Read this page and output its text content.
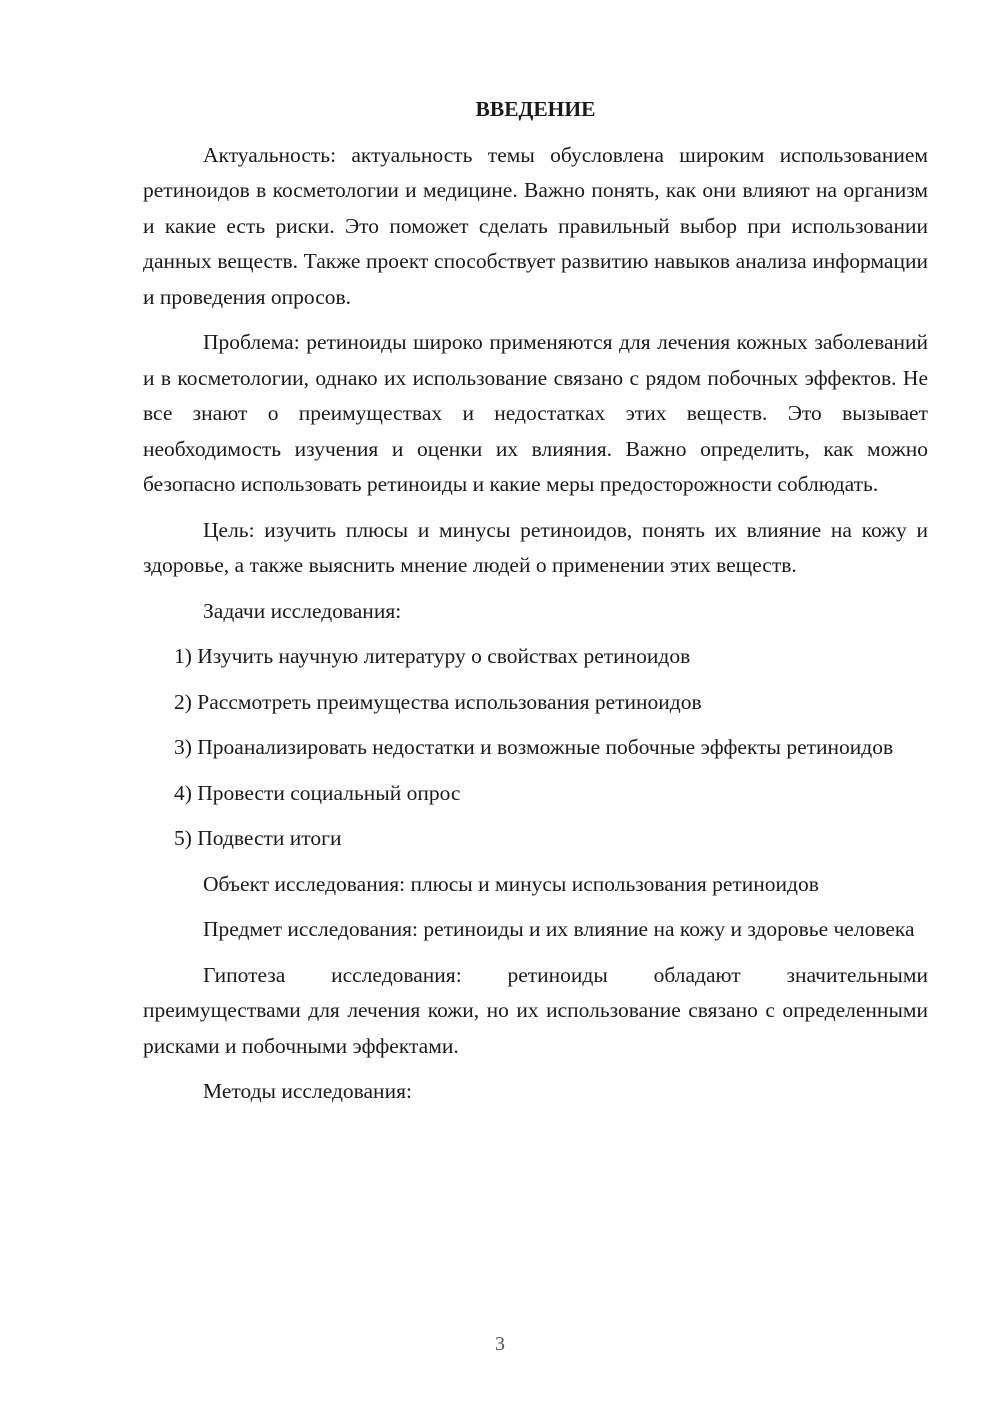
ВВЕДЕНИЕ

Актуальность: актуальность темы обусловлена широким использованием ретиноидов в косметологии и медицине. Важно понять, как они влияют на организм и какие есть риски. Это поможет сделать правильный выбор при использовании данных веществ. Также проект способствует развитию навыков анализа информации и проведения опросов.

Проблема: ретиноиды широко применяются для лечения кожных заболеваний и в косметологии, однако их использование связано с рядом побочных эффектов. Не все знают о преимуществах и недостатках этих веществ. Это вызывает необходимость изучения и оценки их влияния. Важно определить, как можно безопасно использовать ретиноиды и какие меры предосторожности соблюдать.

Цель: изучить плюсы и минусы ретиноидов, понять их влияние на кожу и здоровье, а также выяснить мнение людей о применении этих веществ.

Задачи исследования:

1) Изучить научную литературу о свойствах ретиноидов

2) Рассмотреть преимущества использования ретиноидов

3) Проанализировать недостатки и возможные побочные эффекты ретиноидов

4) Провести социальный опрос

5) Подвести итоги

Объект исследования: плюсы и минусы использования ретиноидов

Предмет исследования: ретиноиды и их влияние на кожу и здоровье человека

Гипотеза исследования: ретиноиды обладают значительными преимуществами для лечения кожи, но их использование связано с определенными рисками и побочными эффектами.

Методы исследования:

3
